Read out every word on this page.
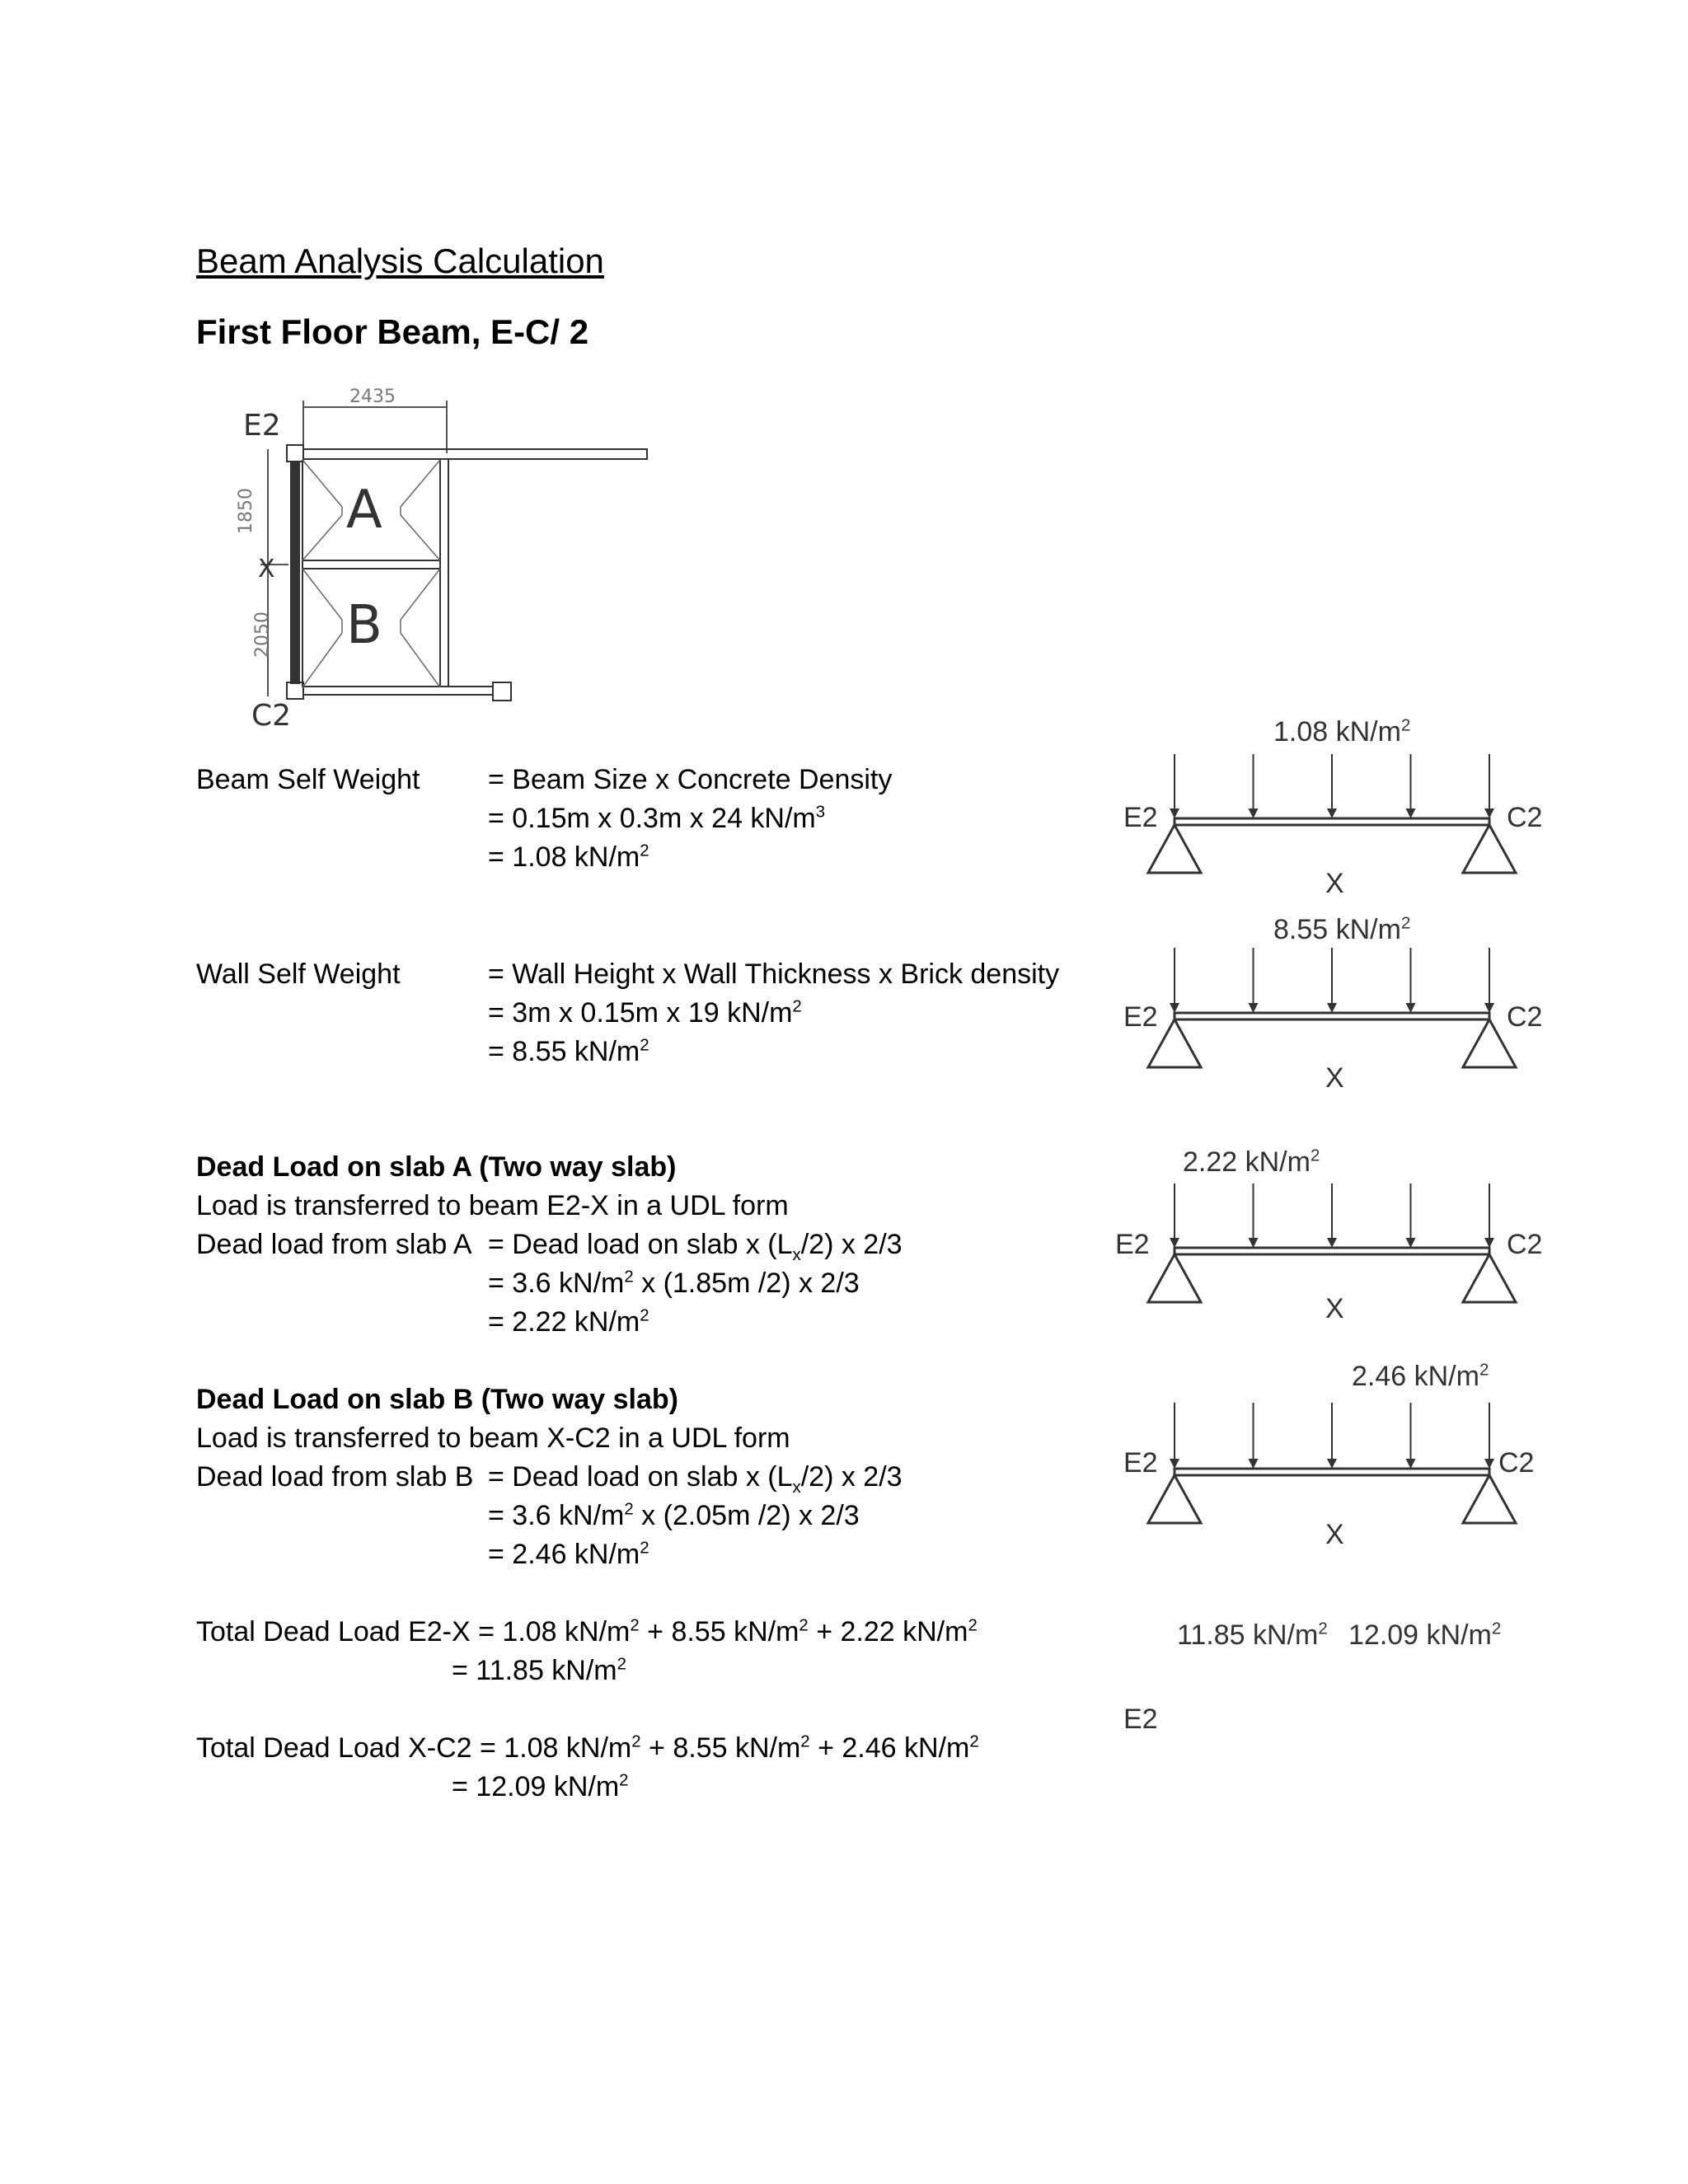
Beam Analysis Calculation
First Floor Beam, E-C/ 2
E2
C2
X
A
B
2435
1850
2050
Beam Self Weight = Beam Size x Concrete Density
= 0.15m x 0.3m x 24 $kN/m^3$
= 1.08 $kN/m^2$
Wall Self Weight	= Wall Height x Wall Thickness x Brick density
= 3m x 0.15m x 19 $kN/m^2$
= 8.55 $kN/m^2$
Dead Load on slab A (Two way slab)
Load is transferred to beam E2-X in a UDL form
Dead load from slab A = Dead load on slab x $(L_x/2)$ x 2/3
= 3.6 $kN/m^2$ x (1.85m /2) x 2/3
= 2.22 $kN/m^2$
Dead Load on slab B (Two way slab)
Load is transferred to beam X-C2 in a UDL form
Dead load from slab B = Dead load on slab x $(L_x/2)$ x 2/3
= 3.6 $kN/m^2$ x (2.05m /2) x 2/3
= 2.46 $kN/m^2$
Total Dead Load E2-X = 1.08 $kN/m^2 + 8.55$ $kN/m^2 + 2.22$ $kN/m^2$
= 11.85 $kN/m^2$
Total Dead Load X-C2 = 1.08 $kN/m^2 + 8.55$ $kN/m^2 + 2.46$ $kN/m^2$
= 12.09 $kN/m^2$
1.08 $kN/m^2$
E2	C2
X
8.55 $kN/m^2$
E2	C2
X
2.22 $kN/m^2$
E2	C2
X
2.46 $kN/m^2$
E2	C2
X
11.85 $kN/m^2$ 12.09 $kN/m^2$
E2
